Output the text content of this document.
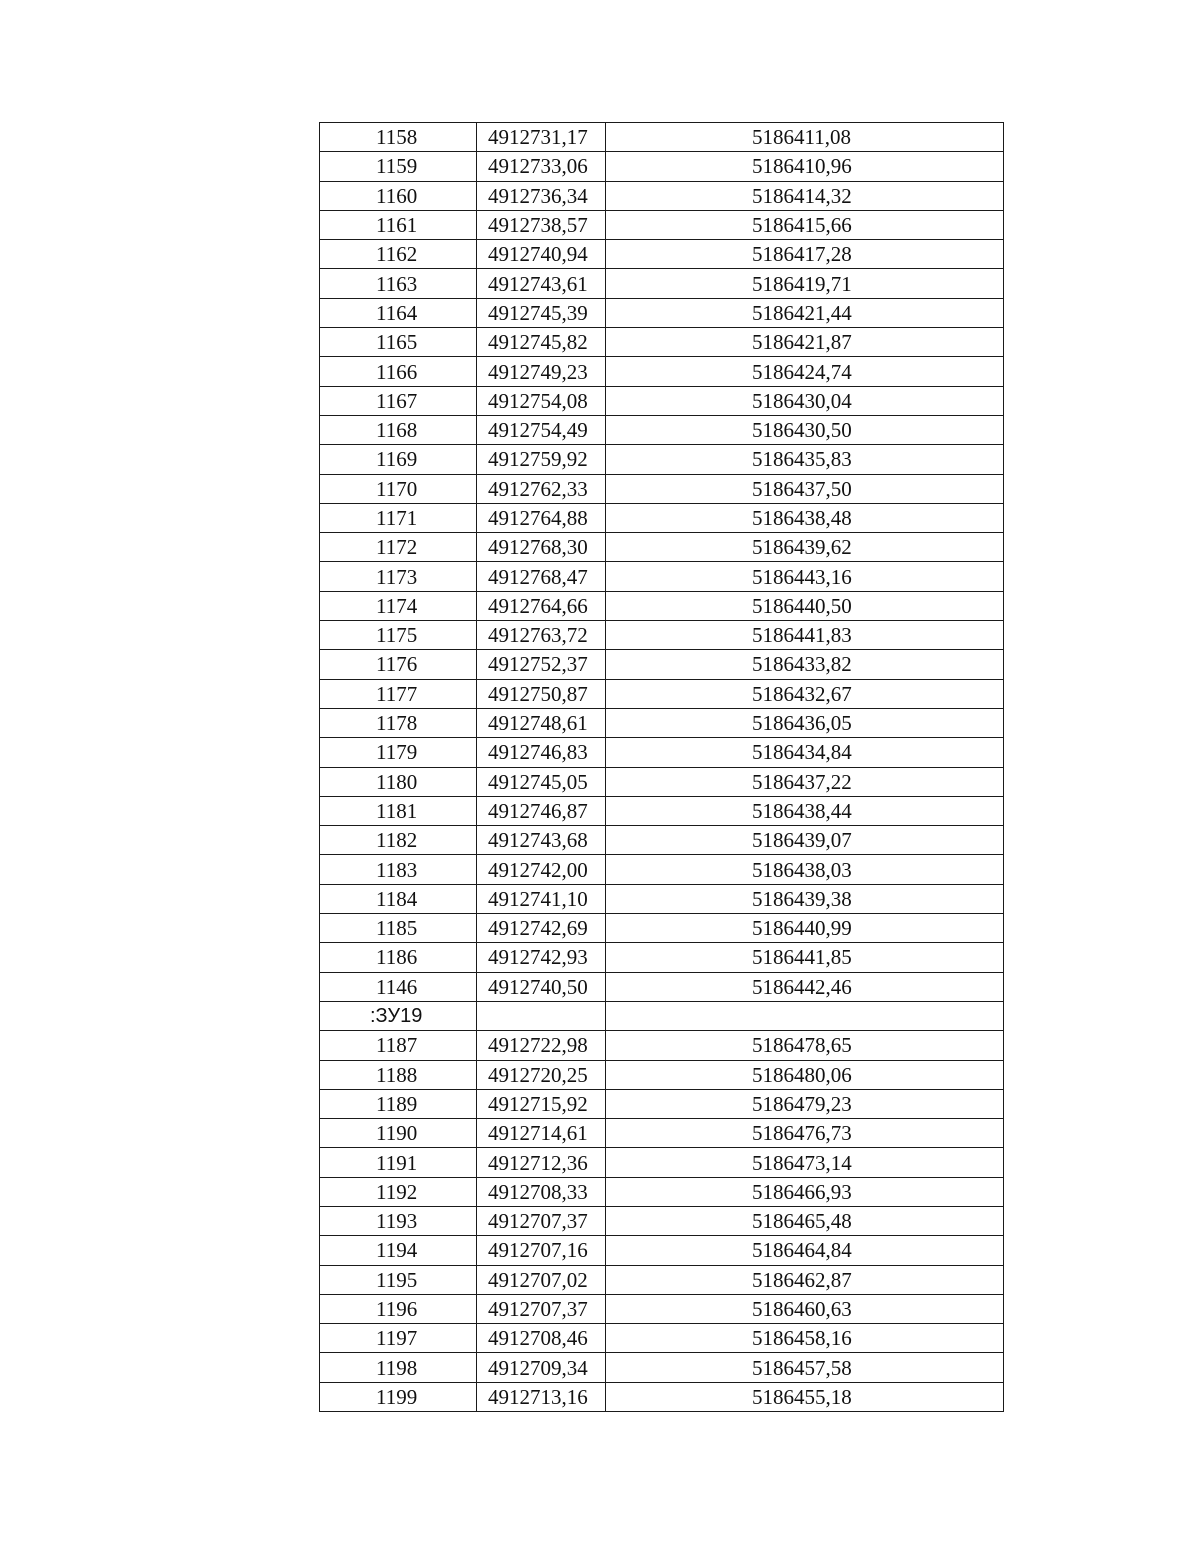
1158	4912731,17	5186411,08
1159	4912733,06	5186410,96
1160	4912736,34	5186414,32
1161	4912738,57	5186415,66
1162	4912740,94	5186417,28
1163	4912743,61	5186419,71
1164	4912745,39	5186421,44
1165	4912745,82	5186421,87
1166	4912749,23	5186424,74
1167	4912754,08	5186430,04
1168	4912754,49	5186430,50
1169	4912759,92	5186435,83
1170	4912762,33	5186437,50
1171	4912764,88	5186438,48
1172	4912768,30	5186439,62
1173	4912768,47	5186443,16
1174	4912764,66	5186440,50
1175	4912763,72	5186441,83
1176	4912752,37	5186433,82
1177	4912750,87	5186432,67
1178	4912748,61	5186436,05
1179	4912746,83	5186434,84
1180	4912745,05	5186437,22
1181	4912746,87	5186438,44
1182	4912743,68	5186439,07
1183	4912742,00	5186438,03
1184	4912741,10	5186439,38
1185	4912742,69	5186440,99
1186	4912742,93	5186441,85
1146	4912740,50	5186442,46
:ЗУ19		
1187	4912722,98	5186478,65
1188	4912720,25	5186480,06
1189	4912715,92	5186479,23
1190	4912714,61	5186476,73
1191	4912712,36	5186473,14
1192	4912708,33	5186466,93
1193	4912707,37	5186465,48
1194	4912707,16	5186464,84
1195	4912707,02	5186462,87
1196	4912707,37	5186460,63
1197	4912708,46	5186458,16
1198	4912709,34	5186457,58
1199	4912713,16	5186455,18
